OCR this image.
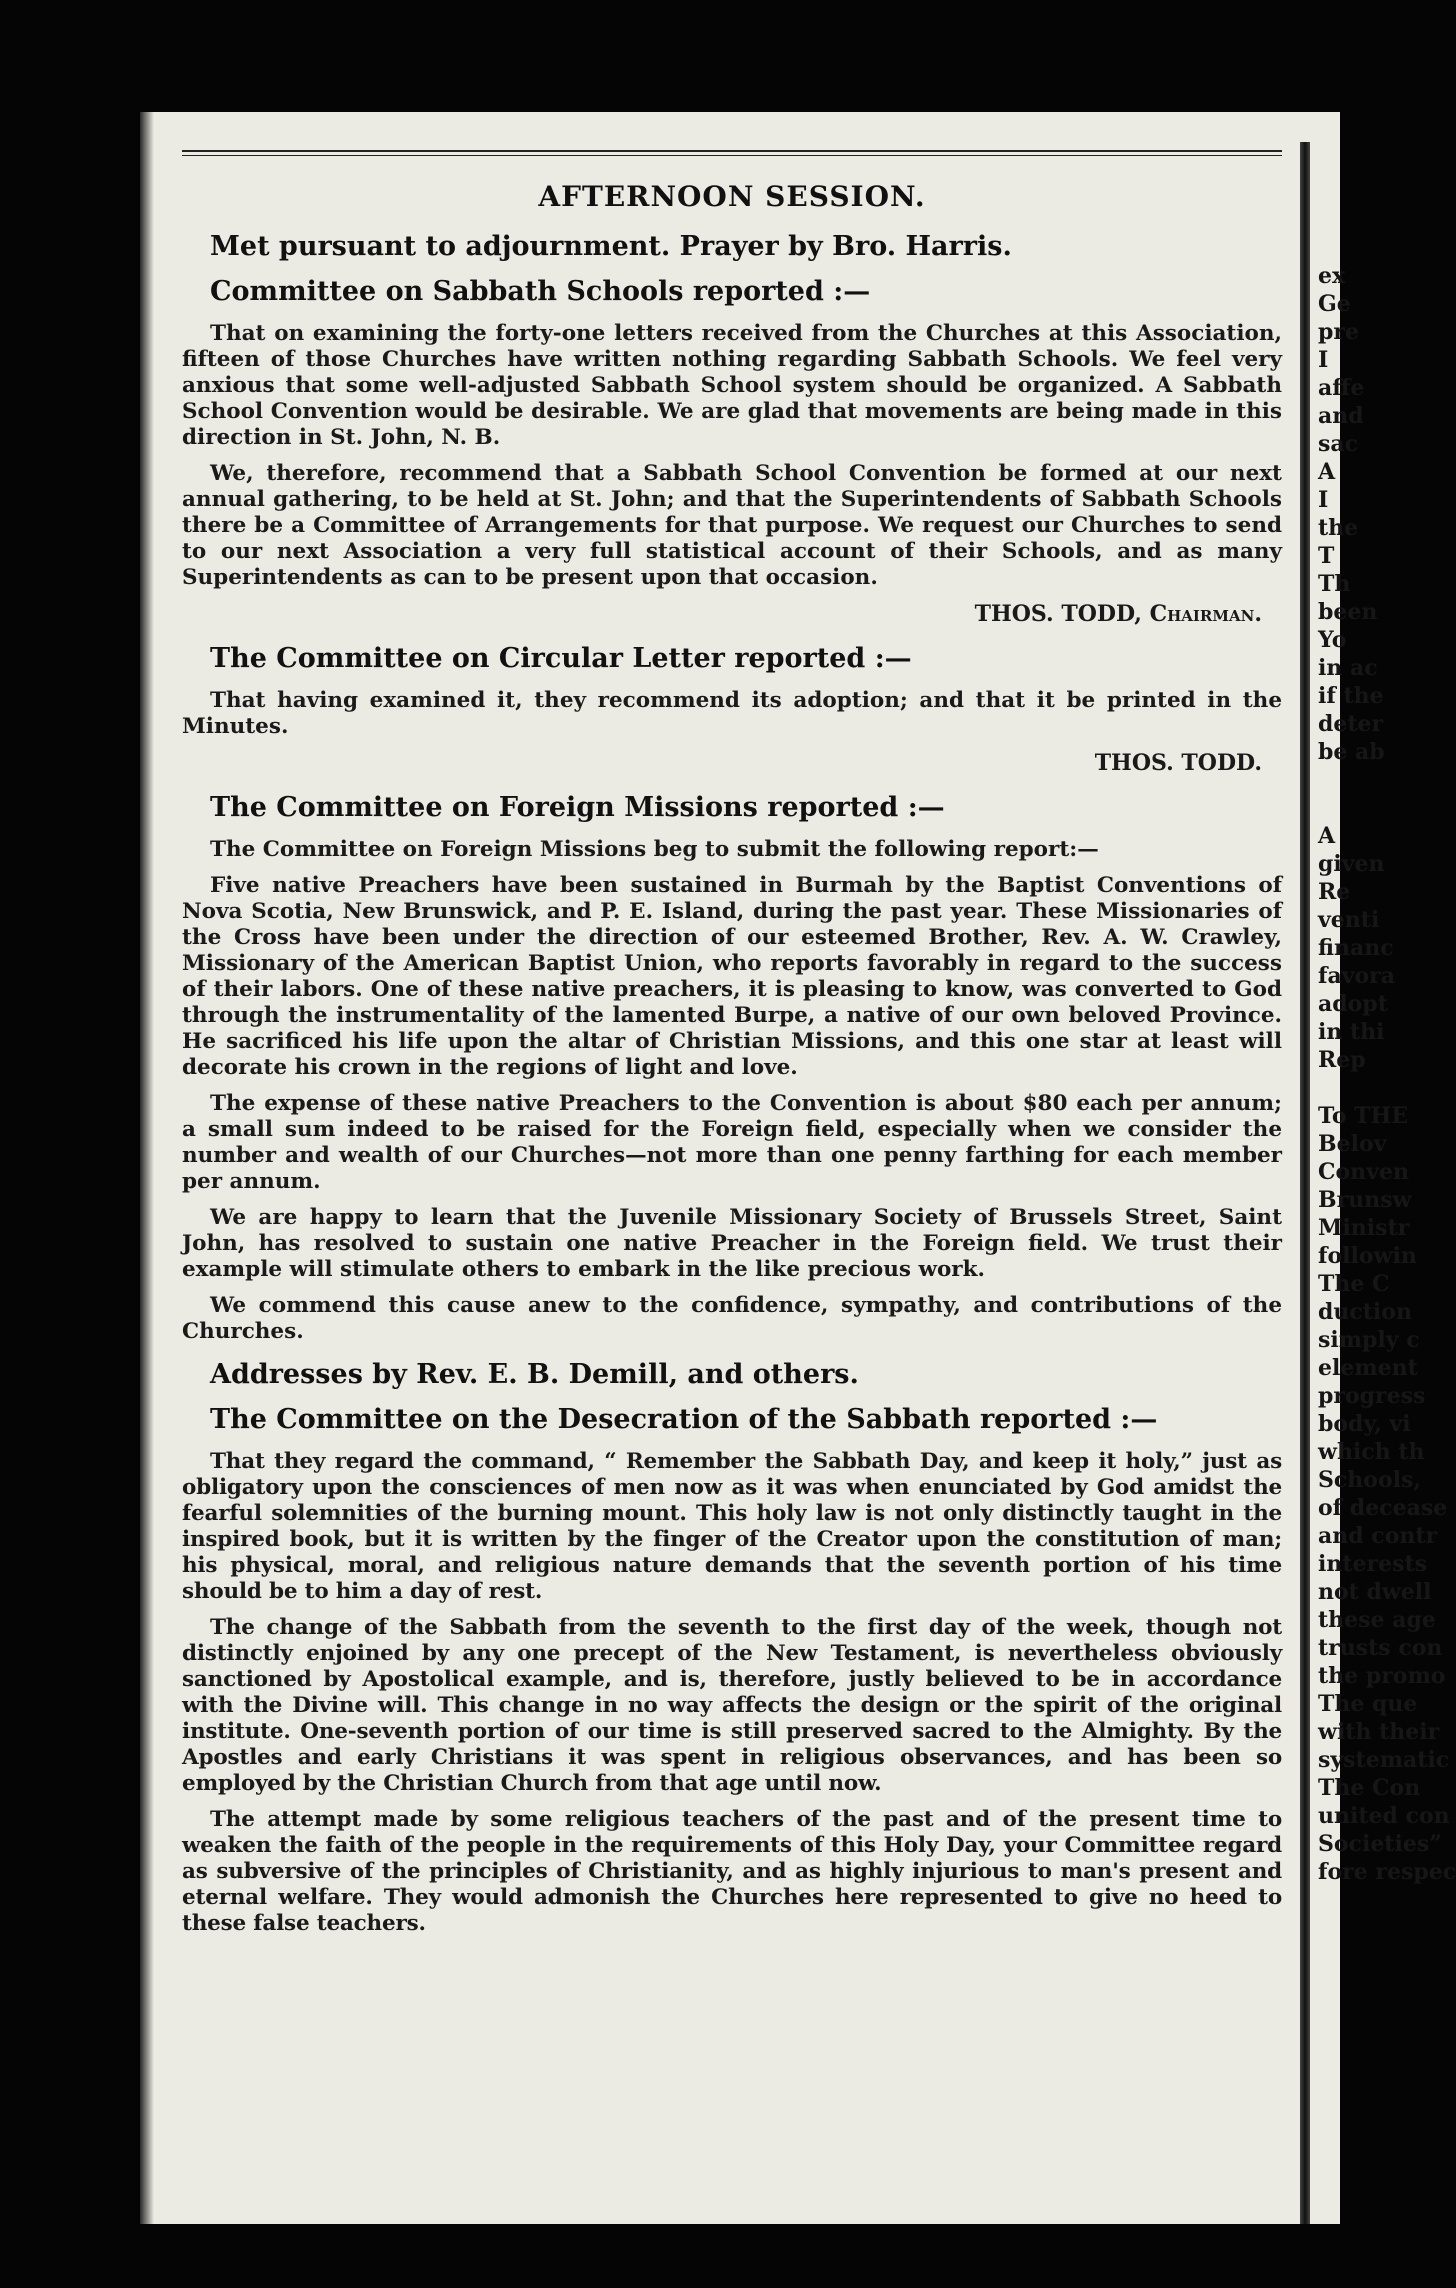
AFTERNOON SESSION.
Met pursuant to adjournment. Prayer by Bro. Harris.
Committee on Sabbath Schools reported :—

That on examining the forty-one letters received from the Churches at this Association, fifteen of those Churches have written nothing regarding Sabbath Schools. We feel very anxious that some well-adjusted Sabbath School system should be organized. A Sabbath School Convention would be desirable. We are glad that movements are being made in this direction in St. John, N. B.

We, therefore, recommend that a Sabbath School Convention be formed at our next annual gathering, to be held at St. John; and that the Superintendents of Sabbath Schools there be a Committee of Arrangements for that purpose. We request our Churches to send to our next Association a very full statistical account of their Schools, and as many Superintendents as can to be present upon that occasion.

THOS. TODD, Chairman.
The Committee on Circular Letter reported :—

That having examined it, they recommend its adoption; and that it be printed in the Minutes.

THOS. TODD.
The Committee on Foreign Missions reported :—

The Committee on Foreign Missions beg to submit the following report:—

Five native Preachers have been sustained in Burmah by the Baptist Conventions of Nova Scotia, New Brunswick, and P. E. Island, during the past year. These Missionaries of the Cross have been under the direction of our esteemed Brother, Rev. A. W. Crawley, Missionary of the American Baptist Union, who reports favorably in regard to the success of their labors. One of these native preachers, it is pleasing to know, was converted to God through the instrumentality of the lamented Burpe, a native of our own beloved Province. He sacrificed his life upon the altar of Christian Missions, and this one star at least will decorate his crown in the regions of light and love.

The expense of these native Preachers to the Convention is about $80 each per annum; a small sum indeed to be raised for the Foreign field, especially when we consider the number and wealth of our Churches—not more than one penny farthing for each member per annum.

We are happy to learn that the Juvenile Missionary Society of Brussels Street, Saint John, has resolved to sustain one native Preacher in the Foreign field. We trust their example will stimulate others to embark in the like precious work.

We commend this cause anew to the confidence, sympathy, and contributions of the Churches.

Addresses by Rev. E. B. Demill, and others.
The Committee on the Desecration of the Sabbath reported :—

That they regard the command, “ Remember the Sabbath Day, and keep it holy,” just as obligatory upon the consciences of men now as it was when enunciated by God amidst the fearful solemnities of the burning mount. This holy law is not only distinctly taught in the inspired book, but it is written by the finger of the Creator upon the constitution of man; his physical, moral, and religious nature demands that the seventh portion of his time should be to him a day of rest.

The change of the Sabbath from the seventh to the first day of the week, though not distinctly enjoined by any one precept of the New Testament, is nevertheless obviously sanctioned by Apostolical example, and is, therefore, justly believed to be in accordance with the Divine will. This change in no way affects the design or the spirit of the original institute. One-seventh portion of our time is still preserved sacred to the Almighty. By the Apostles and early Christians it was spent in religious observances, and has been so employed by the Christian Church from that age until now.

The attempt made by some religious teachers of the past and of the present time to weaken the faith of the people in the requirements of this Holy Day, your Committee regard as subversive of the principles of Christianity, and as highly injurious to man's present and eternal welfare. They would admonish the Churches here represented to give no heed to these false teachers.

ex
Ge
pre
I
affe
and
sac
A
I
the
T
Th
been
Yo
in ac
if the
deter
be ab
A
given
Re
venti
financ
favora
adopt
in thi
Rep
To THE
Belov
Conven
Brunsw
Ministr
followin
The C
duction
simply c
element
progress
body, vi
which th
Schools,
of decease
and contr
interests
not dwell
these age
trusts con
the promo
The que
with their
systematic
The Con
united con
Societies”
fore respec
